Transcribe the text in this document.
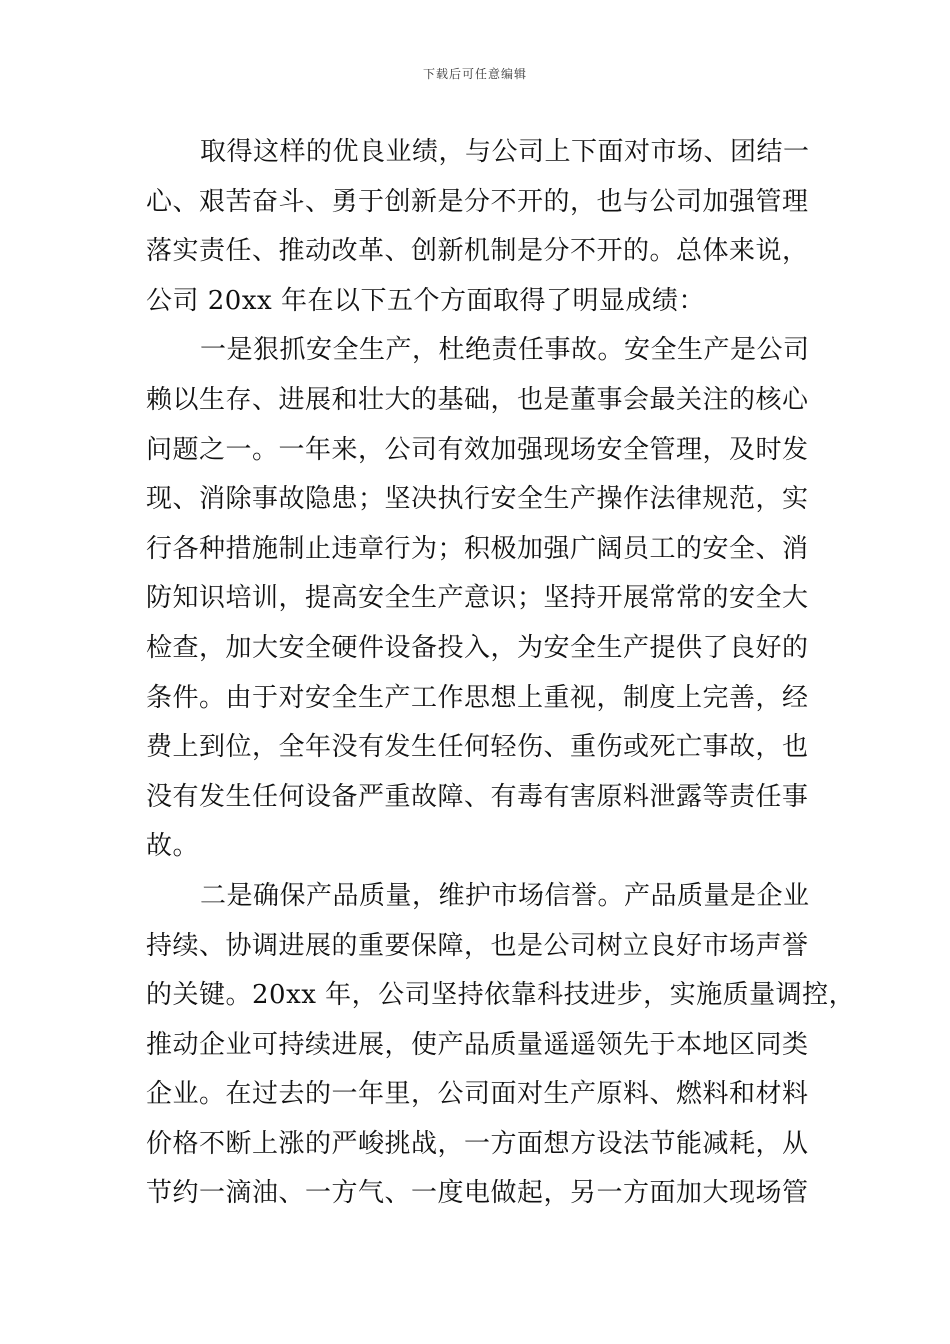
下载后可任意编辑
取得这样的优良业绩，与公司上下面对市场、团结一
心、艰苦奋斗、勇于创新是分不开的，也与公司加强管理
落实责任、推动改革、创新机制是分不开的。总体来说，
公司 20xx 年在以下五个方面取得了明显成绩：
一是狠抓安全生产，杜绝责任事故。安全生产是公司
赖以生存、进展和壮大的基础，也是董事会最关注的核心
问题之一。一年来，公司有效加强现场安全管理，及时发
现、消除事故隐患；坚决执行安全生产操作法律规范，实
行各种措施制止违章行为；积极加强广阔员工的安全、消
防知识培训，提高安全生产意识；坚持开展常常的安全大
检查，加大安全硬件设备投入，为安全生产提供了良好的
条件。由于对安全生产工作思想上重视，制度上完善，经
费上到位，全年没有发生任何轻伤、重伤或死亡事故，也
没有发生任何设备严重故障、有毒有害原料泄露等责任事
故。
二是确保产品质量，维护市场信誉。产品质量是企业
持续、协调进展的重要保障，也是公司树立良好市场声誉
的关键。20xx 年，公司坚持依靠科技进步，实施质量调控，
推动企业可持续进展，使产品质量遥遥领先于本地区同类
企业。在过去的一年里，公司面对生产原料、燃料和材料
价格不断上涨的严峻挑战，一方面想方设法节能减耗，从
节约一滴油、一方气、一度电做起，另一方面加大现场管
